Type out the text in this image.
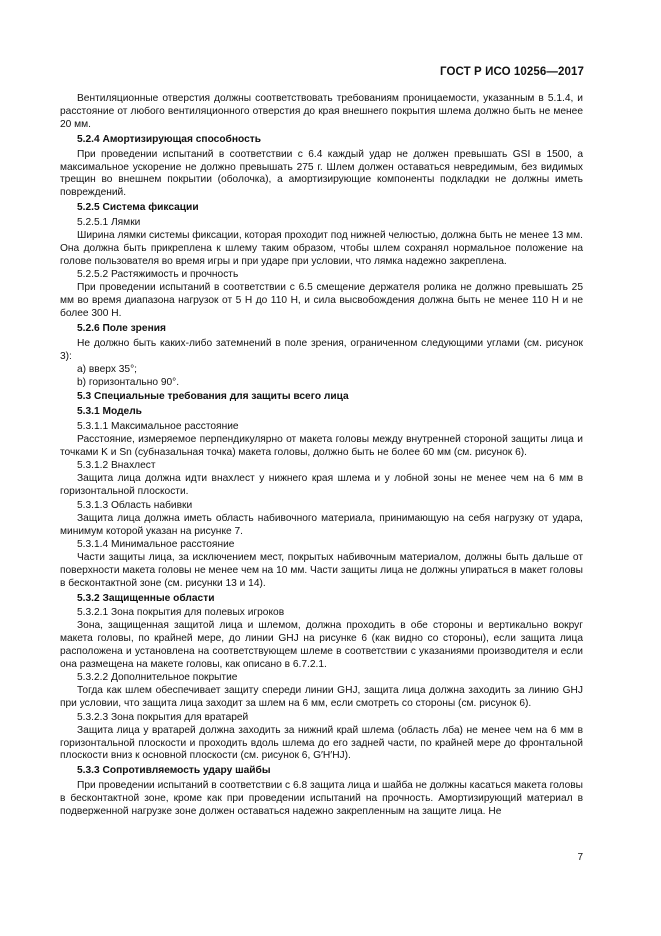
ГОСТ Р ИСО 10256—2017

Вентиляционные отверстия должны соответствовать требованиям проницаемости, указанным в 5.1.4, и расстояние от любого вентиляционного отверстия до края внешнего покрытия шлема должно быть не менее 20 мм.

5.2.4 Амортизирующая способность

При проведении испытаний в соответствии с 6.4 каждый удар не должен превышать GSI в 1500, а максимальное ускорение не должно превышать 275 г. Шлем должен оставаться невредимым, без видимых трещин во внешнем покрытии (оболочка), а амортизирующие компоненты подкладки не должны иметь повреждений.

5.2.5 Система фиксации

5.2.5.1 Лямки

Ширина лямки системы фиксации, которая проходит под нижней челюстью, должна быть не менее 13 мм. Она должна быть прикреплена к шлему таким образом, чтобы шлем сохранял нормальное положение на голове пользователя во время игры и при ударе при условии, что лямка надежно закреплена.

5.2.5.2 Растяжимость и прочность

При проведении испытаний в соответствии с 6.5 смещение держателя ролика не должно превышать 25 мм во время диапазона нагрузок от 5 Н до 110 Н, и сила высвобождения должна быть не менее 110 Н и не более 300 Н.

5.2.6 Поле зрения

Не должно быть каких-либо затемнений в поле зрения, ограниченном следующими углами (см. рисунок 3):

a) вверх 35°;

b) горизонтально 90°.

5.3 Специальные требования для защиты всего лица

5.3.1 Модель

5.3.1.1 Максимальное расстояние

Расстояние, измеряемое перпендикулярно от макета головы между внутренней стороной защиты лица и точками K и Sn (субназальная точка) макета головы, должно быть не более 60 мм (см. рисунок 6).

5.3.1.2 Внахлест

Защита лица должна идти внахлест у нижнего края шлема и у лобной зоны не менее чем на 6 мм в горизонтальной плоскости.

5.3.1.3 Область набивки

Защита лица должна иметь область набивочного материала, принимающую на себя нагрузку от удара, минимум которой указан на рисунке 7.

5.3.1.4 Минимальное расстояние

Части защиты лица, за исключением мест, покрытых набивочным материалом, должны быть дальше от поверхности макета головы не менее чем на 10 мм. Части защиты лица не должны упираться в макет головы в бесконтактной зоне (см. рисунки 13 и 14).

5.3.2 Защищенные области

5.3.2.1 Зона покрытия для полевых игроков

Зона, защищенная защитой лица и шлемом, должна проходить в обе стороны и вертикально вокруг макета головы, по крайней мере, до линии GHJ на рисунке 6 (как видно со стороны), если защита лица расположена и установлена на соответствующем шлеме в соответствии с указаниями производителя и если она размещена на макете головы, как описано в 6.7.2.1.

5.3.2.2 Дополнительное покрытие

Тогда как шлем обеспечивает защиту спереди линии GHJ, защита лица должна заходить за линию GHJ при условии, что защита лица заходит за шлем на 6 мм, если смотреть со стороны (см. рисунок 6).

5.3.2.3 Зона покрытия для вратарей

Защита лица у вратарей должна заходить за нижний край шлема (область лба) не менее чем на 6 мм в горизонтальной плоскости и проходить вдоль шлема до его задней части, по крайней мере до фронтальной плоскости вниз к основной плоскости (см. рисунок 6, G′H′HJ).

5.3.3 Сопротивляемость удару шайбы

При проведении испытаний в соответствии с 6.8 защита лица и шайба не должны касаться макета головы в бесконтактной зоне, кроме как при проведении испытаний на прочность. Амортизирующий материал в подверженной нагрузке зоне должен оставаться надежно закрепленным на защите лица. Не

7
